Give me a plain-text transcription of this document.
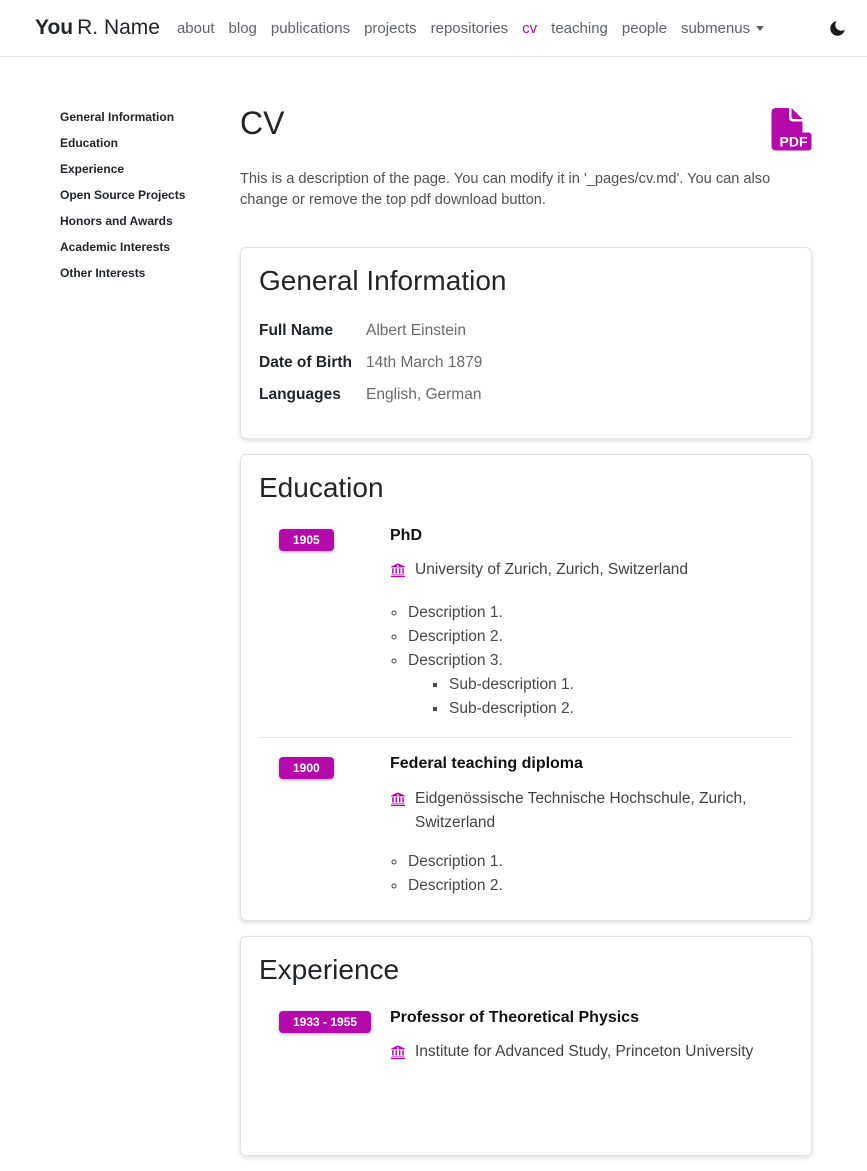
You R. Name about blog publications projects repositories cv teaching people submenus
General Information
Education
Experience
Open Source Projects
Honors and Awards
Academic Interests
Other Interests
CV
PDF

This is a description of the page. You can modify it in '_pages/cv.md'. You can also change or remove the top pdf download button.

General Information
Full Name	Albert Einstein
Date of Birth 14th March 1879
Languages	English, German
Education
1905	PhD
University of Zurich, Zurich, Switzerland
◦ Description 1.
◦ Description 2.
◦ Description 3.
▪ Sub-description 1.
▪ Sub-description 2.
1900	Federal teaching diploma
Eidgenössische Technische Hochschule, Zurich, Switzerland
◦ Description 1.
◦ Description 2.
Experience
1933 - 1955	Professor of Theoretical Physics
Institute for Advanced Study, Princeton University
